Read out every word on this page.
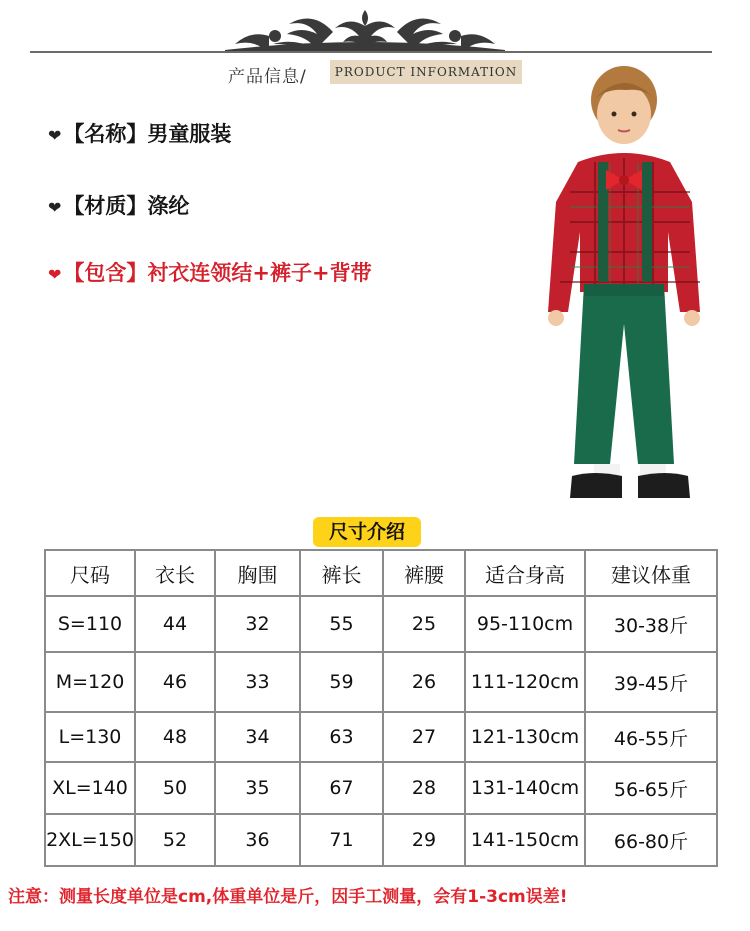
产品信息/	PRODUCT INFORMATION
❤【名称】男童服装
❤【材质】涤纶
❤【包含】衬衣连领结+裤子+背带
尺寸介绍
尺码	衣长	胸围	裤长	裤腰	适合身高	建议体重
S=110	44	32	55	25	95-110cm	30-38斤
M=120	46	33	59	26	111-120cm	39-45斤
L=130	48	34	63	27	121-130cm	46-55斤
XL=140	50	35	67	28	131-140cm	56-65斤
2XL=150	52	36	71	29	141-150cm	66-80斤
注意：测量长度单位是cm,体重单位是斤，因手工测量，会有1-3cm误差!
